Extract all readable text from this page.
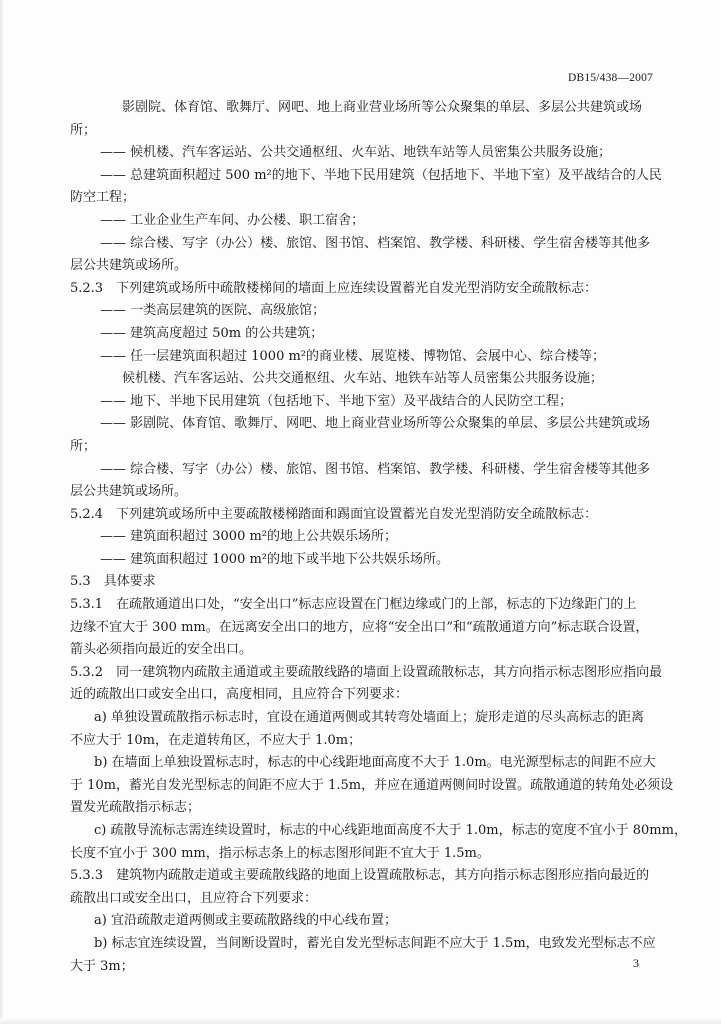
DB15/438—2007
影剧院、体育馆、歌舞厅、网吧、地上商业营业场所等公众聚集的单层、多层公共建筑或场
所；
—— 候机楼、汽车客运站、公共交通枢纽、火车站、地铁车站等人员密集公共服务设施；
—— 总建筑面积超过 500 m²的地下、半地下民用建筑（包括地下、半地下室）及平战结合的人民
防空工程；
—— 工业企业生产车间、办公楼、职工宿舍；
—— 综合楼、写字（办公）楼、旅馆、图书馆、档案馆、教学楼、科研楼、学生宿舍楼等其他多
层公共建筑或场所。
5.2.3　下列建筑或场所中疏散楼梯间的墙面上应连续设置蓄光自发光型消防安全疏散标志：
—— 一类高层建筑的医院、高级旅馆；
—— 建筑高度超过 50m 的公共建筑；
—— 任一层建筑面积超过 1000 m²的商业楼、展览楼、博物馆、会展中心、综合楼等；
候机楼、汽车客运站、公共交通枢纽、火车站、地铁车站等人员密集公共服务设施；
—— 地下、半地下民用建筑（包括地下、半地下室）及平战结合的人民防空工程；
—— 影剧院、体育馆、歌舞厅、网吧、地上商业营业场所等公众聚集的单层、多层公共建筑或场
所；
—— 综合楼、写字（办公）楼、旅馆、图书馆、档案馆、教学楼、科研楼、学生宿舍楼等其他多
层公共建筑或场所。
5.2.4　下列建筑或场所中主要疏散楼梯踏面和踢面宜设置蓄光自发光型消防安全疏散标志：
—— 建筑面积超过 3000 m²的地上公共娱乐场所；
—— 建筑面积超过 1000 m²的地下或半地下公共娱乐场所。
5.3　具体要求
5.3.1　在疏散通道出口处，“安全出口”标志应设置在门框边缘或门的上部，标志的下边缘距门的上
边缘不宜大于 300 mm。在远离安全出口的地方，应将“安全出口”和“疏散通道方向”标志联合设置，
箭头必须指向最近的安全出口。
5.3.2　同一建筑物内疏散主通道或主要疏散线路的墙面上设置疏散标志，其方向指示标志图形应指向最
近的疏散出口或安全出口，高度相同，且应符合下列要求：
a) 单独设置疏散指示标志时，宜设在通道两侧或其转弯处墙面上；旋形走道的尽头高标志的距离
不应大于 10m，在走道转角区，不应大于 1.0m；
b) 在墙面上单独设置标志时，标志的中心线距地面高度不大于 1.0m。电光源型标志的间距不应大
于 10m，蓄光自发光型标志的间距不应大于 1.5m，并应在通道两侧间时设置。疏散通道的转角处必须设
置发光疏散指示标志；
c) 疏散导流标志需连续设置时，标志的中心线距地面高度不大于 1.0m，标志的宽度不宜小于 80mm，
长度不宜小于 300 mm，指示标志条上的标志图形间距不宜大于 1.5m。
5.3.3　建筑物内疏散走道或主要疏散线路的地面上设置疏散标志，其方向指示标志图形应指向最近的
疏散出口或安全出口，且应符合下列要求：
a) 宜沿疏散走道两侧或主要疏散路线的中心线布置；
b) 标志宜连续设置，当间断设置时，蓄光自发光型标志间距不应大于 1.5m，电致发光型标志不应
大于 3m；	3
